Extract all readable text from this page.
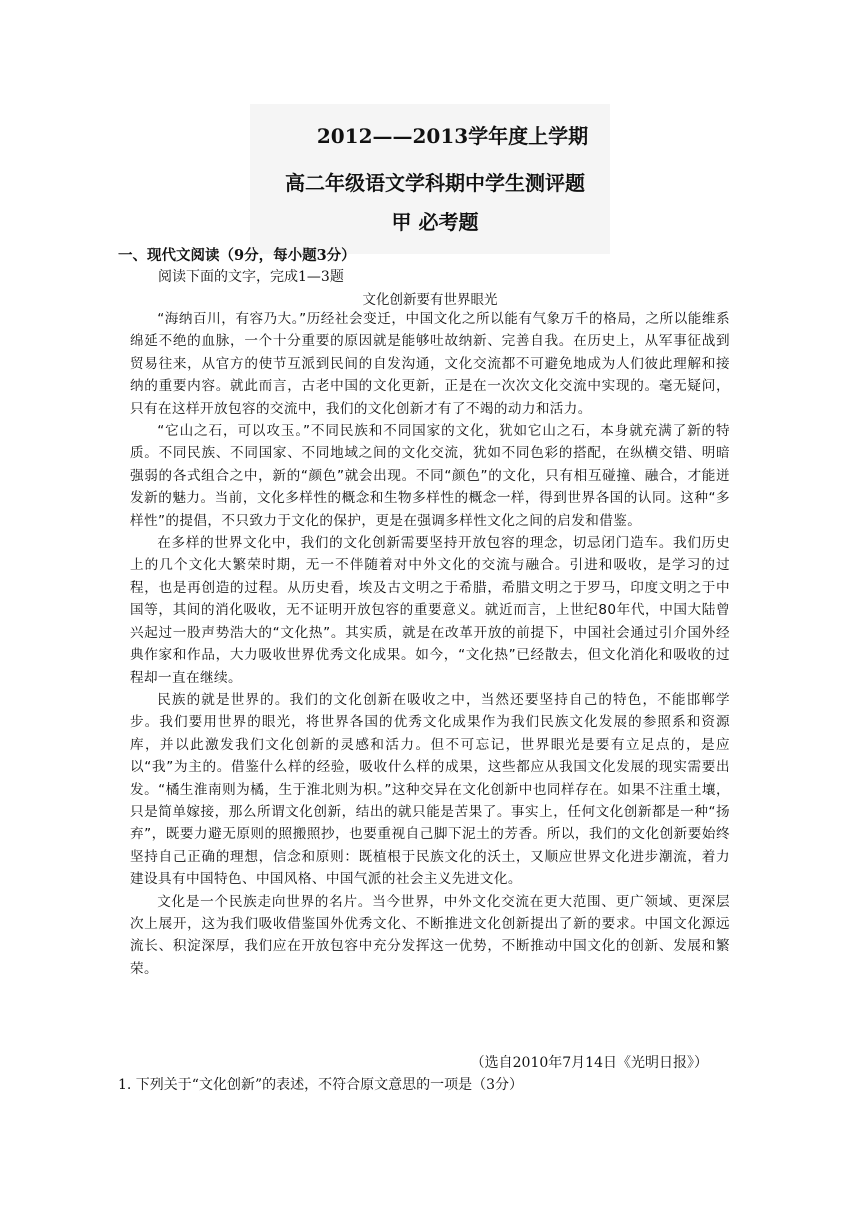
2012——2013学年度上学期
高二年级语文学科期中学生测评题
甲 必考题
一、现代文阅读（9分，每小题3分）
阅读下面的文字，完成1—3题
文化创新要有世界眼光

“海纳百川，有容乃大。”历经社会变迁，中国文化之所以能有气象万千的格局，之所以能维系绵延不绝的血脉，一个十分重要的原因就是能够吐故纳新、完善自我。在历史上，从军事征战到贸易往来，从官方的使节互派到民间的自发沟通，文化交流都不可避免地成为人们彼此理解和接纳的重要内容。就此而言，古老中国的文化更新，正是在一次次文化交流中实现的。毫无疑问，只有在这样开放包容的交流中，我们的文化创新才有了不竭的动力和活力。

“它山之石，可以攻玉。”不同民族和不同国家的文化，犹如它山之石，本身就充满了新的特质。不同民族、不同国家、不同地域之间的文化交流，犹如不同色彩的搭配，在纵横交错、明暗强弱的各式组合之中，新的“颜色”就会出现。不同“颜色”的文化，只有相互碰撞、融合，才能迸发新的魅力。当前，文化多样性的概念和生物多样性的概念一样，得到世界各国的认同。这种“多样性”的提倡，不只致力于文化的保护，更是在强调多样性文化之间的启发和借鉴。

在多样的世界文化中，我们的文化创新需要坚持开放包容的理念，切忌闭门造车。我们历史上的几个文化大繁荣时期，无一不伴随着对中外文化的交流与融合。引进和吸收，是学习的过程，也是再创造的过程。从历史看，埃及古文明之于希腊，希腊文明之于罗马，印度文明之于中国等，其间的消化吸收，无不证明开放包容的重要意义。就近而言，上世纪80年代，中国大陆曾兴起过一股声势浩大的“文化热”。其实质，就是在改革开放的前提下，中国社会通过引介国外经典作家和作品，大力吸收世界优秀文化成果。如今，“文化热”已经散去，但文化消化和吸收的过程却一直在继续。

民族的就是世界的。我们的文化创新在吸收之中，当然还要坚持自己的特色，不能邯郸学步。我们要用世界的眼光，将世界各国的优秀文化成果作为我们民族文化发展的参照系和资源库，并以此激发我们文化创新的灵感和活力。但不可忘记，世界眼光是要有立足点的，是应以“我”为主的。借鉴什么样的经验，吸收什么样的成果，这些都应从我国文化发展的现实需要出发。“橘生淮南则为橘，生于淮北则为枳。”这种交异在文化创新中也同样存在。如果不注重土壤，只是简单嫁接，那么所谓文化创新，结出的就只能是苦果了。事实上，任何文化创新都是一种“扬弃”，既要力避无原则的照搬照抄，也要重视自己脚下泥土的芳香。所以，我们的文化创新要始终坚持自己正确的理想，信念和原则：既植根于民族文化的沃土，又顺应世界文化进步潮流，着力建设具有中国特色、中国风格、中国气派的社会主义先进文化。

文化是一个民族走向世界的名片。当今世界，中外文化交流在更大范围、更广领域、更深层次上展开，这为我们吸收借鉴国外优秀文化、不断推进文化创新提出了新的要求。中国文化源远流长、积淀深厚，我们应在开放包容中充分发挥这一优势，不断推动中国文化的创新、发展和繁荣。

（选自2010年7月14日《光明日报》）
1. 下列关于“文化创新”的表述，不符合原文意思的一项是（3分）
